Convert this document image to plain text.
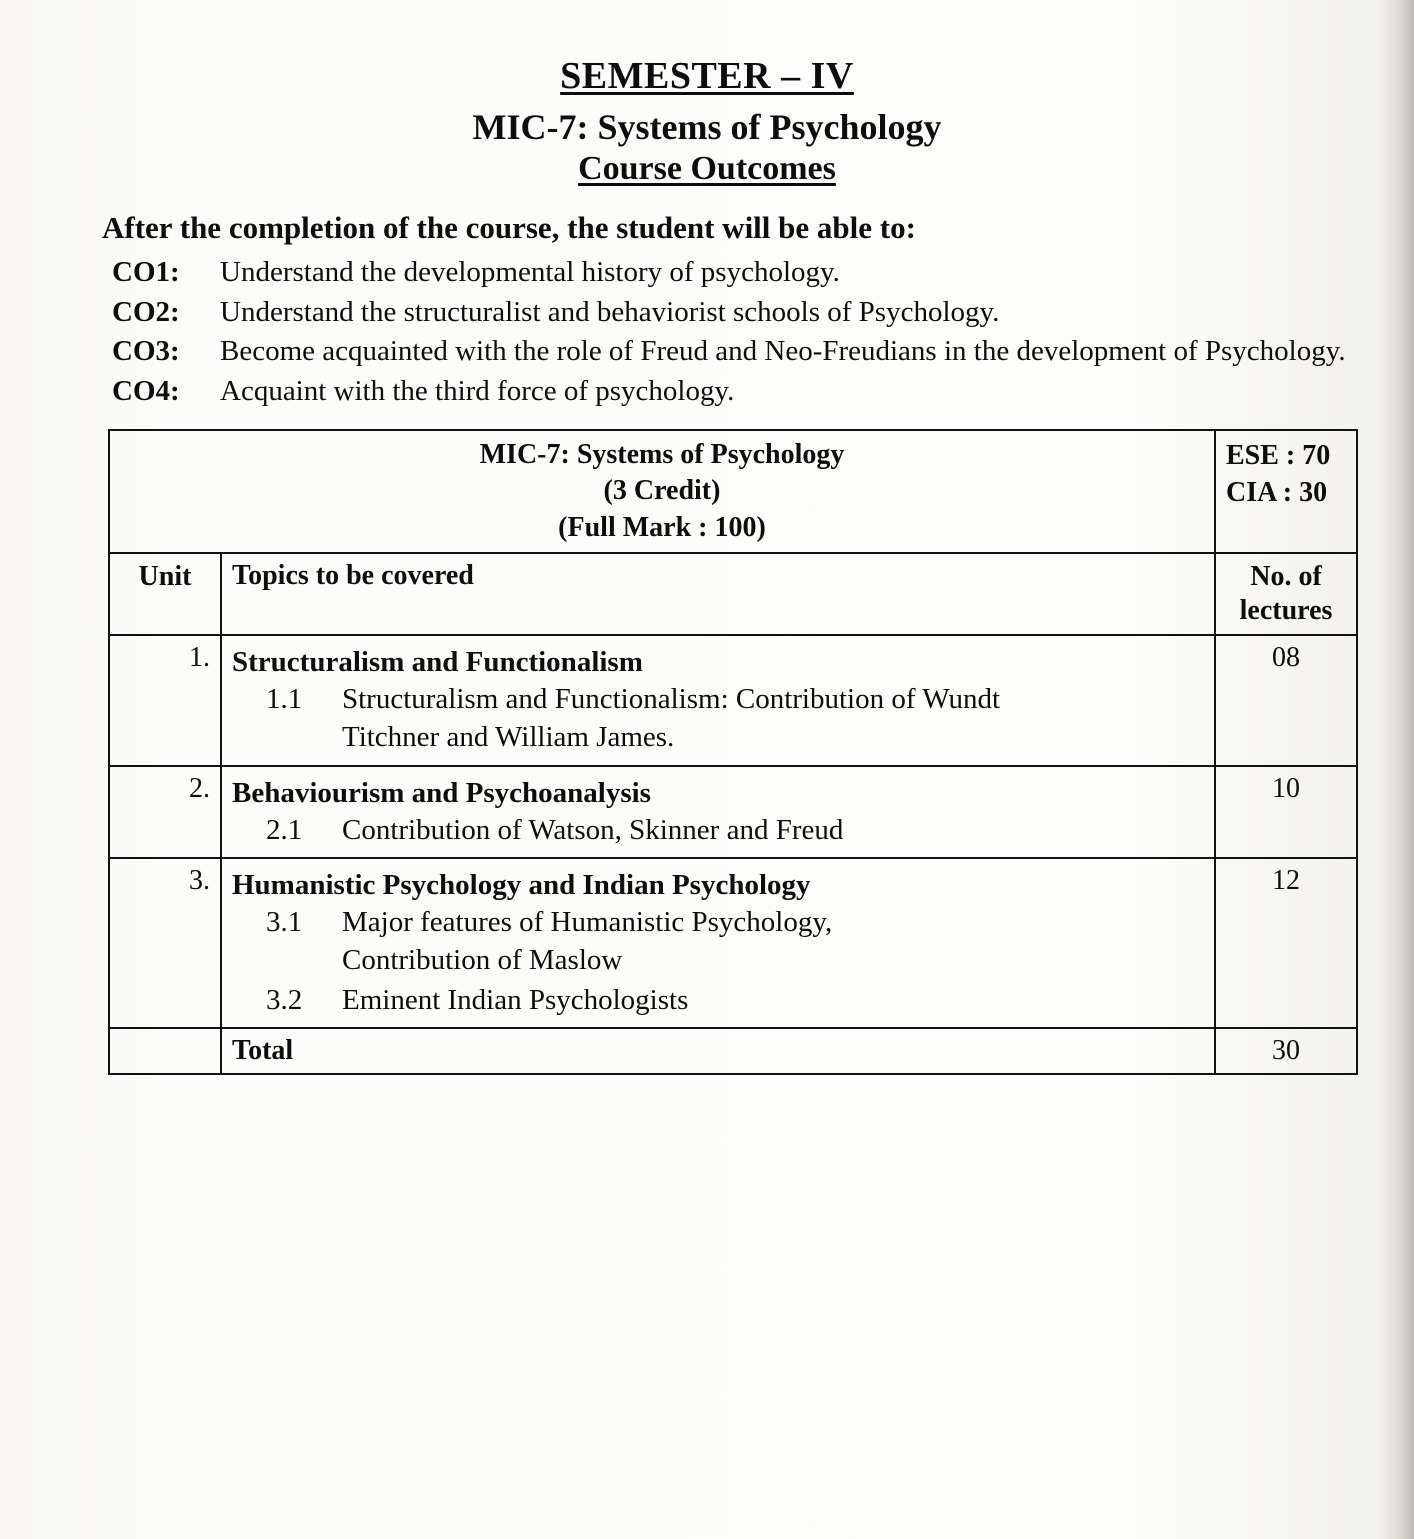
SEMESTER – IV
MIC-7: Systems of Psychology
Course Outcomes
After the completion of the course, the student will be able to:
CO1:	Understand the developmental history of psychology.
CO2:	Understand the structuralist and behaviorist schools of Psychology.
CO3:	Become acquainted with the role of Freud and Neo-Freudians in the development of Psychology.
CO4:	Acquaint with the third force of psychology.
MIC-7: Systems of Psychology
(3 Credit)
(Full Mark : 100)

ESE : 70
CIA : 30

Unit	Topics to be covered	No. of
lectures

1.	Structuralism and Functionalism
1.1 Structuralism and Functionalism: Contribution of Wundt
Titchner and William James.	08
2.	Behaviourism and Psychoanalysis
2.1 Contribution of Watson, Skinner and Freud	10
3.	Humanistic Psychology and Indian Psychology
3.1	Major features of Humanistic Psychology,
Contribution of Maslow
3.2	Eminent Indian Psychologists
	12
	Total	30
